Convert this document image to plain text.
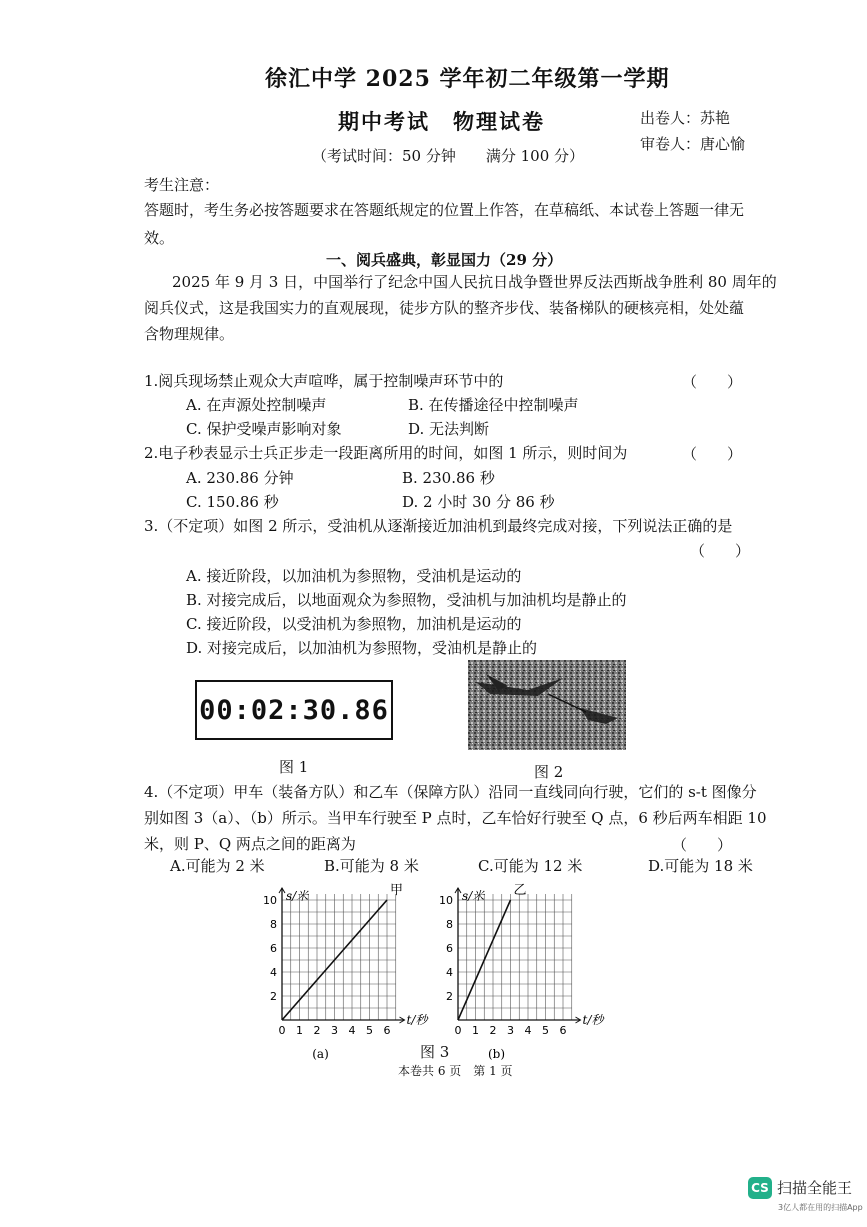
徐汇中学 2025 学年初二年级第一学期
期中考试　物理试卷	出卷人：苏艳
审卷人：唐心愉
（考试时间：50 分钟　　满分 100 分）
考生注意：
答题时，考生务必按答题要求在答题纸规定的位置上作答，在草稿纸、本试卷上答题一律无
效。
一、阅兵盛典，彰显国力（29 分）
2025 年 9 月 3 日，中国举行了纪念中国人民抗日战争暨世界反法西斯战争胜利 80 周年的
阅兵仪式，这是我国实力的直观展现，徒步方队的整齐步伐、装备梯队的硬核亮相，处处蕴
含物理规律。
1.阅兵现场禁止观众大声喧哗，属于控制噪声环节中的	（　　）
A. 在声源处控制噪声	B. 在传播途径中控制噪声
C. 保护受噪声影响对象	D. 无法判断
2.电子秒表显示士兵正步走一段距离所用的时间，如图 1 所示，则时间为	（　　）
A. 230.86 分钟	B. 230.86 秒
C. 150.86 秒	D. 2 小时 30 分 86 秒
3.（不定项）如图 2 所示，受油机从逐渐接近加油机到最终完成对接，下列说法正确的是
（　　）
A. 接近阶段，以加油机为参照物，受油机是运动的
B. 对接完成后，以地面观众为参照物，受油机与加油机均是静止的
C. 接近阶段，以受油机为参照物，加油机是运动的
D. 对接完成后，以加油机为参照物，受油机是静止的
00:02:30.86
图 1	图 2
4.（不定项）甲车（装备方队）和乙车（保障方队）沿同一直线同向行驶，它们的 s-t 图像分
别如图 3（a）、（b）所示。当甲车行驶至 P 点时，乙车恰好行驶至 Q 点，6 秒后两车相距 10
米，则 P、Q 两点之间的距离为	（　　）
A.可能为 2 米	B.可能为 8 米	C.可能为 12 米	D.可能为 18 米
0 1 2 3 4 5 6
2
4
6
8
10
t/秒
s/米	甲
(a)
0 1 2 3 4 5 6
2
4
6
8
10
t/秒
s/米 乙
(b)
图 3
本卷共 6 页　第 1 页
CS 扫描全能王
3亿人都在用的扫描App
